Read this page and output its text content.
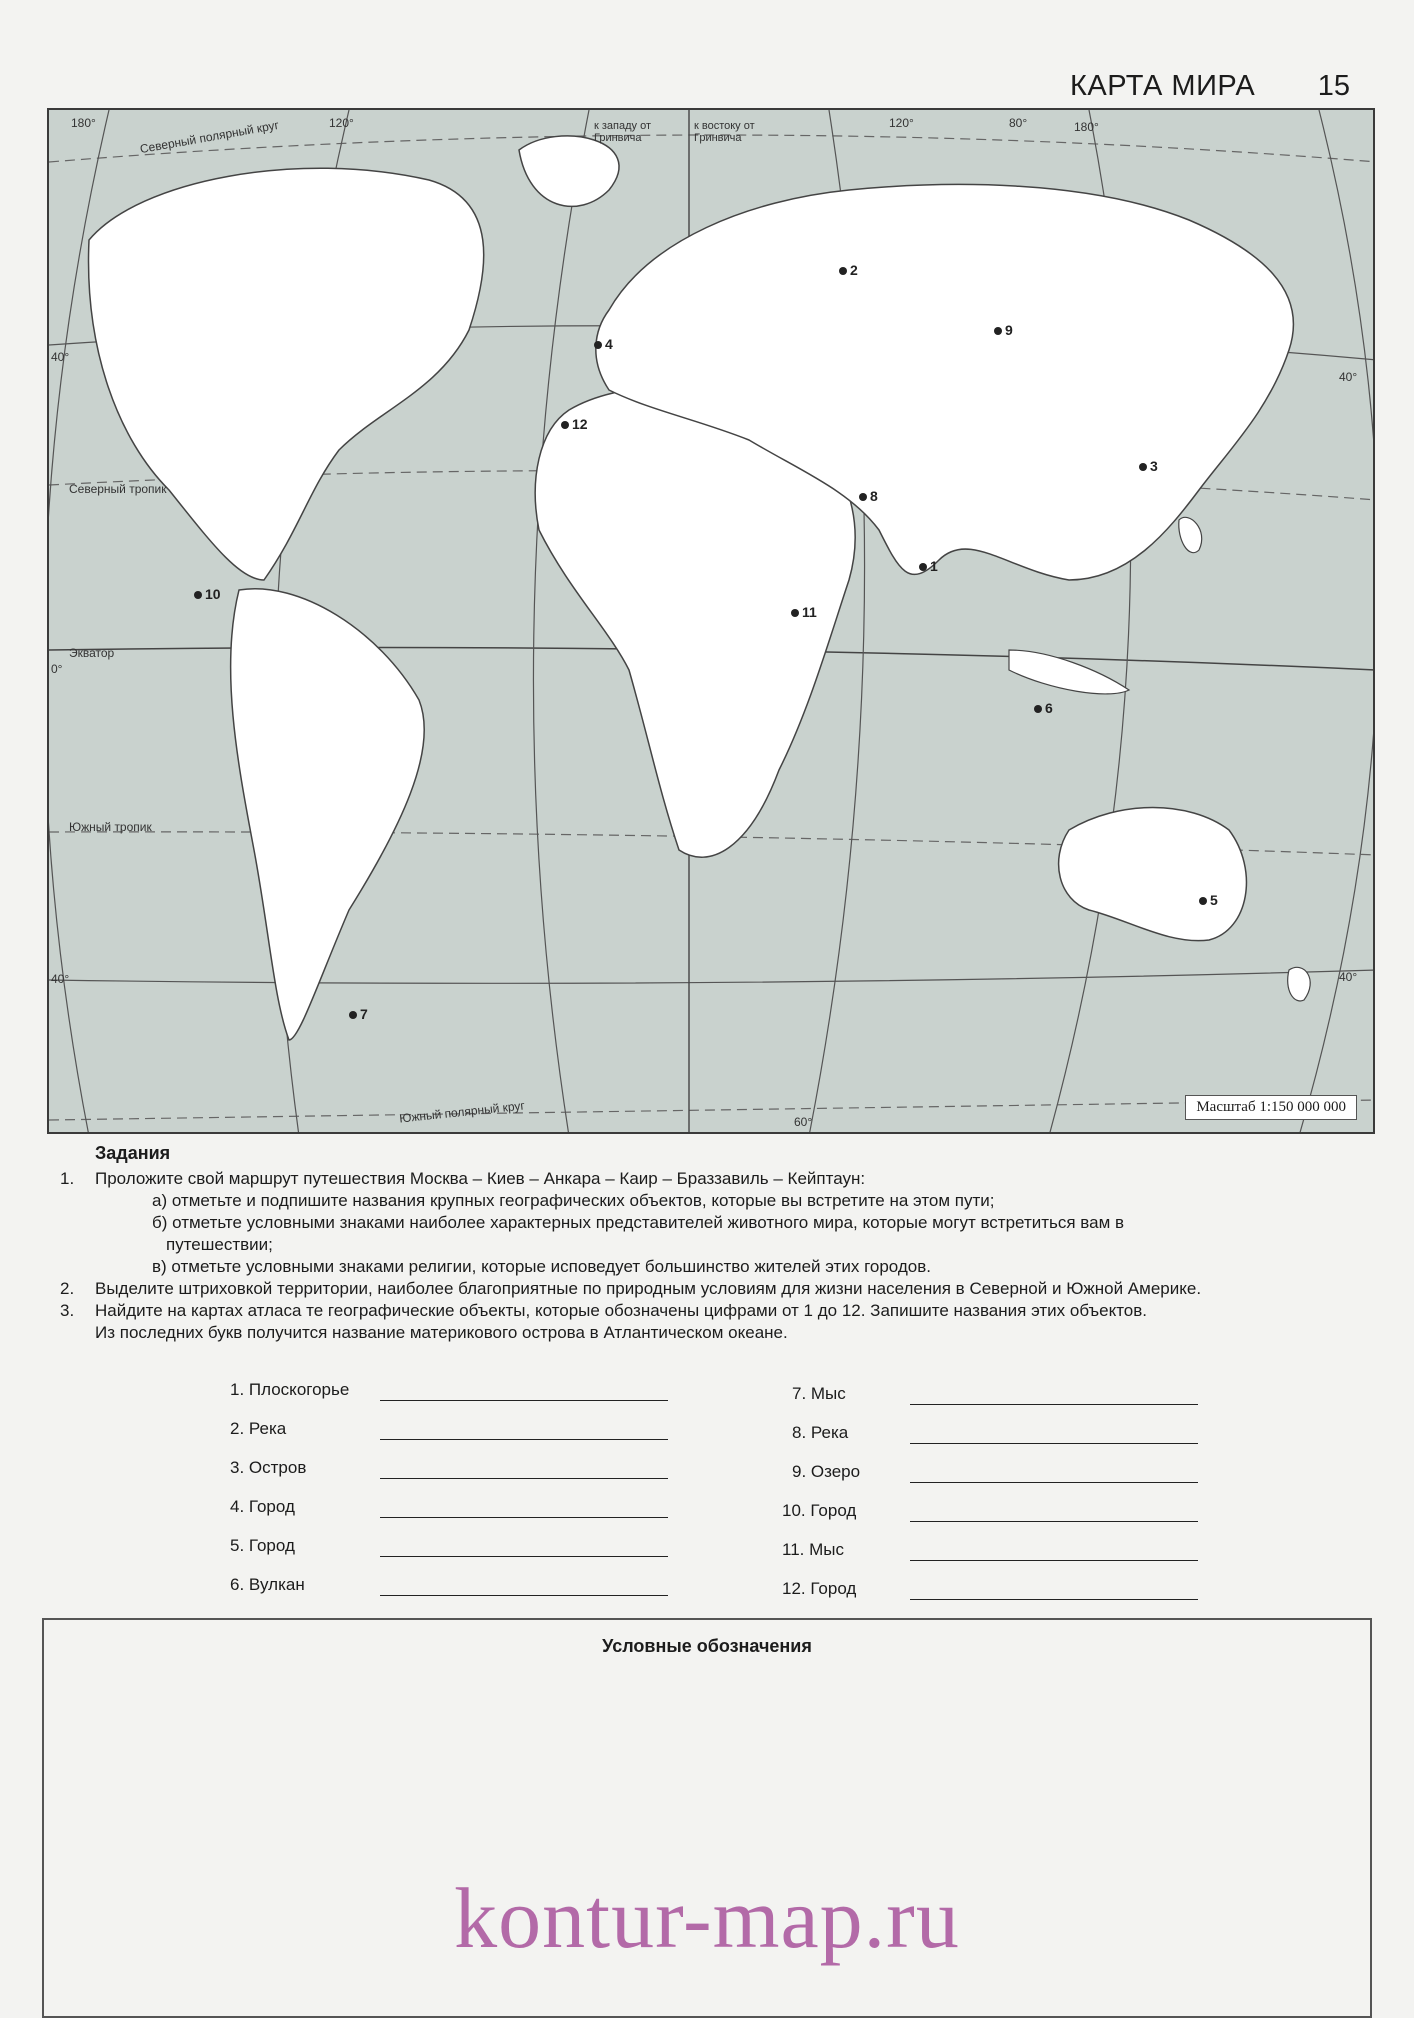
КАРТА МИРА 15
Северный полярный круг
Северный тропик
Экватор
Южный тропик
Южный полярный круг
к западу от Гринвича
к востоку от Гринвича
180°	120°	120°	80°	180°
40°
40°
0°
40°	40°
60°
1
2
3
4
5
6
7
8
9
10
11
12
Масштаб 1:150 000 000
Задания
1. Проложите свой маршрут путешествия Москва – Киев – Анкара – Каир – Браззавиль – Кейптаун:
а) отметьте и подпишите названия крупных географических объектов, которые вы встретите на этом пути;
б) отметьте условными знаками наиболее характерных представителей животного мира, которые могут встретиться вам в
путешествии;
в) отметьте условными знаками религии, которые исповедует большинство жителей этих городов.
2. Выделите штриховкой территории, наиболее благоприятные по природным условиям для жизни населения в Северной и Южной Америке.
3. Найдите на картах атласа те географические объекты, которые обозначены цифрами от 1 до 12. Запишите названия этих объектов.
Из последних букв получится название материкового острова в Атлантическом океане.
1. Плоскогорье
2. Река
3. Остров
4. Город
5. Город
6. Вулкан
7. Мыс
8. Река
9. Озеро
10. Город
11. Мыс
12. Город
Условные обозначения
kontur-map.ru
